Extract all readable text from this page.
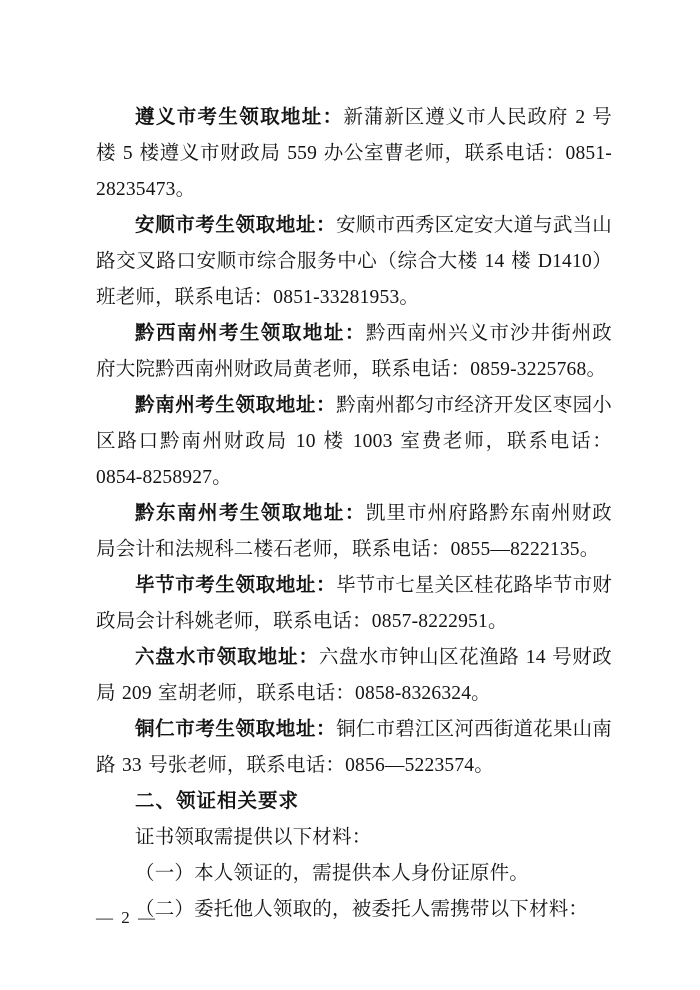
遵义市考生领取地址：新蒲新区遵义市人民政府 2 号楼 5 楼遵义市财政局 559 办公室曹老师，联系电话：0851-28235473。

安顺市考生领取地址：安顺市西秀区定安大道与武当山路交叉路口安顺市综合服务中心（综合大楼 14 楼 D1410）班老师，联系电话：0851-33281953。

黔西南州考生领取地址：黔西南州兴义市沙井街州政府大院黔西南州财政局黄老师，联系电话：0859-3225768。

黔南州考生领取地址：黔南州都匀市经济开发区枣园小区路口黔南州财政局 10 楼 1003 室费老师，联系电话：0854-8258927。

黔东南州考生领取地址：凯里市州府路黔东南州财政局会计和法规科二楼石老师，联系电话：0855—8222135。

毕节市考生领取地址：毕节市七星关区桂花路毕节市财政局会计科姚老师，联系电话：0857-8222951。

六盘水市领取地址：六盘水市钟山区花渔路 14 号财政局 209 室胡老师，联系电话：0858-8326324。

铜仁市考生领取地址：铜仁市碧江区河西街道花果山南路 33 号张老师，联系电话：0856—5223574。

二、领证相关要求

证书领取需提供以下材料：

（一）本人领证的，需提供本人身份证原件。

（二）委托他人领取的，被委托人需携带以下材料：

— 2 —
